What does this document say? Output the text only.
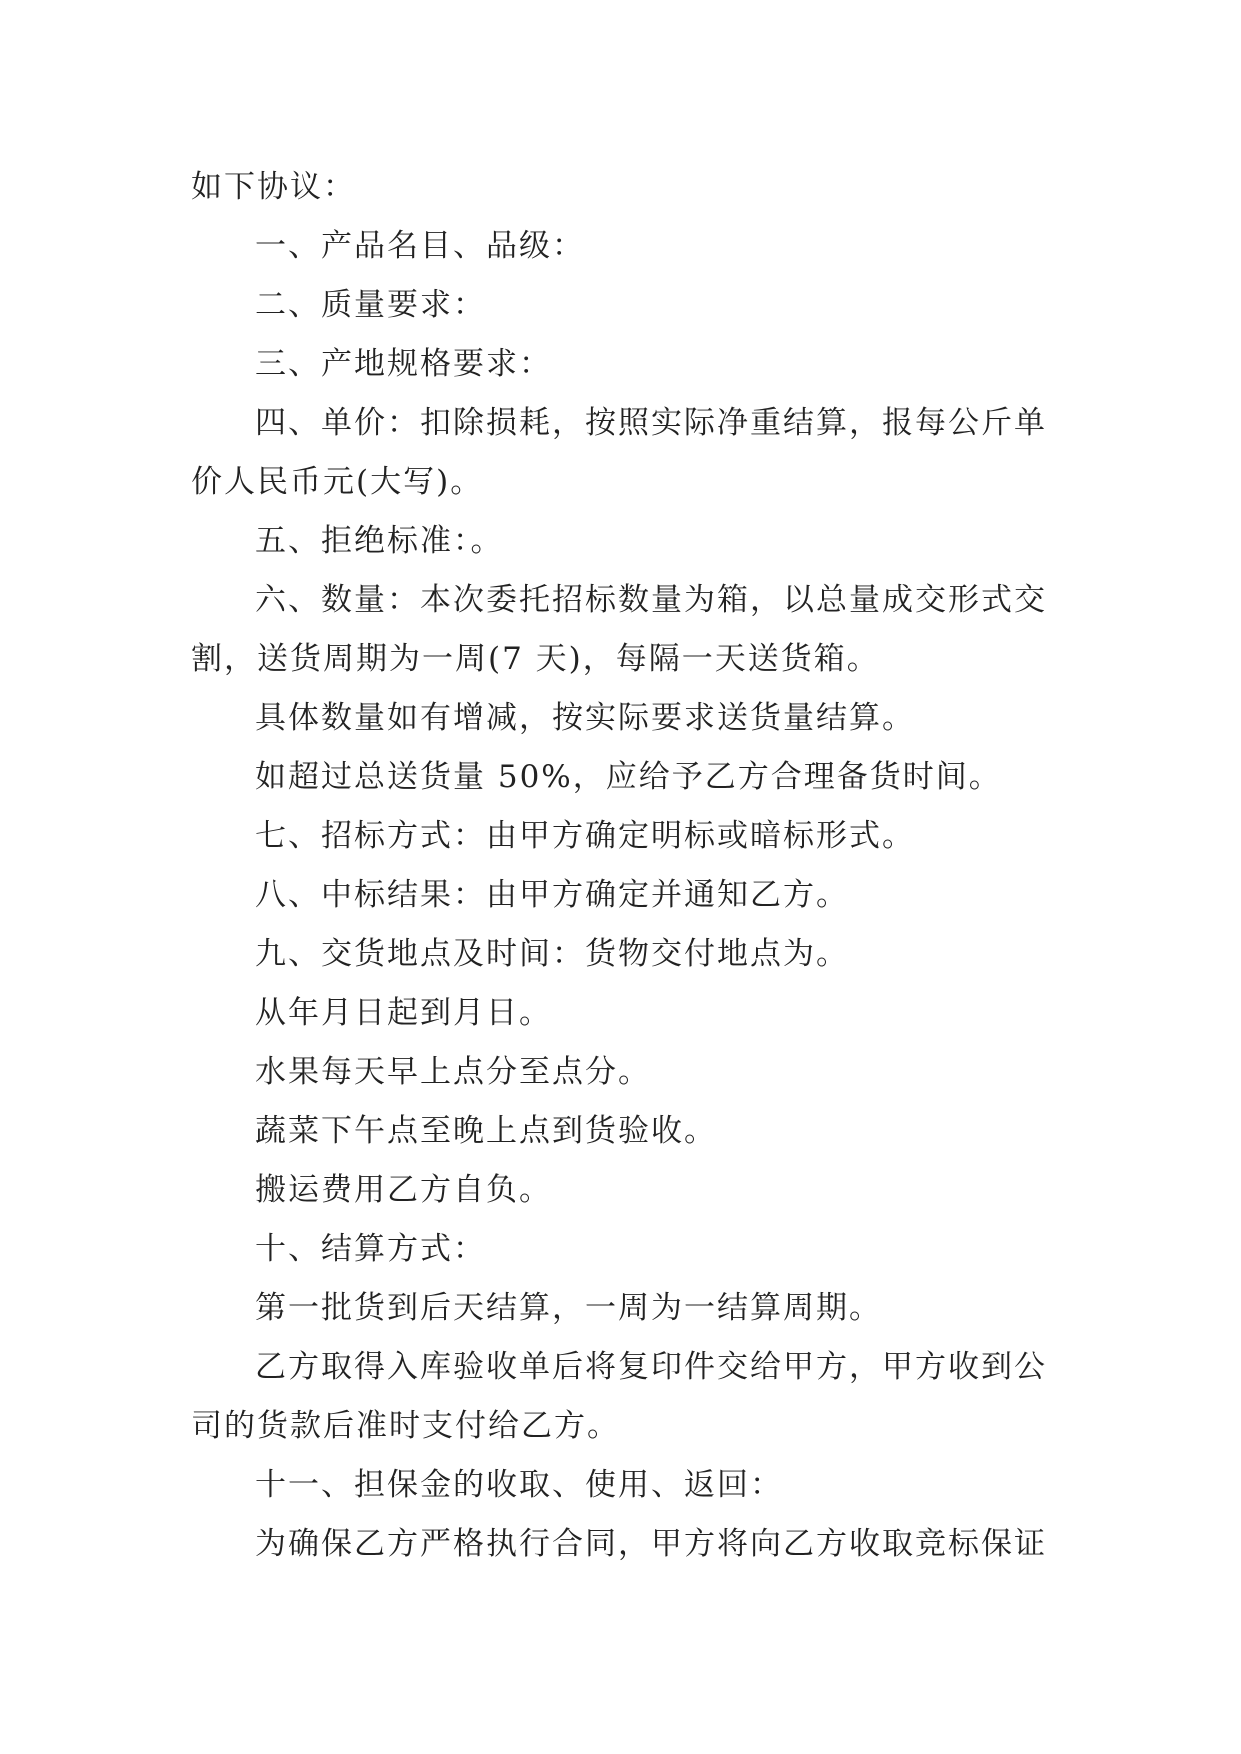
如下协议：
一、产品名目、品级：
二、质量要求：
三、产地规格要求：
四、单价：扣除损耗，按照实际净重结算，报每公斤单
价人民币元(大写)。
五、拒绝标准：。
六、数量：本次委托招标数量为箱，以总量成交形式交
割，送货周期为一周(7 天)，每隔一天送货箱。
具体数量如有增减，按实际要求送货量结算。
如超过总送货量 50%，应给予乙方合理备货时间。
七、招标方式：由甲方确定明标或暗标形式。
八、中标结果：由甲方确定并通知乙方。
九、交货地点及时间：货物交付地点为。
从年月日起到月日。
水果每天早上点分至点分。
蔬菜下午点至晚上点到货验收。
搬运费用乙方自负。
十、结算方式：
第一批货到后天结算，一周为一结算周期。
乙方取得入库验收单后将复印件交给甲方，甲方收到公
司的货款后准时支付给乙方。
十一、担保金的收取、使用、返回：
为确保乙方严格执行合同，甲方将向乙方收取竞标保证
